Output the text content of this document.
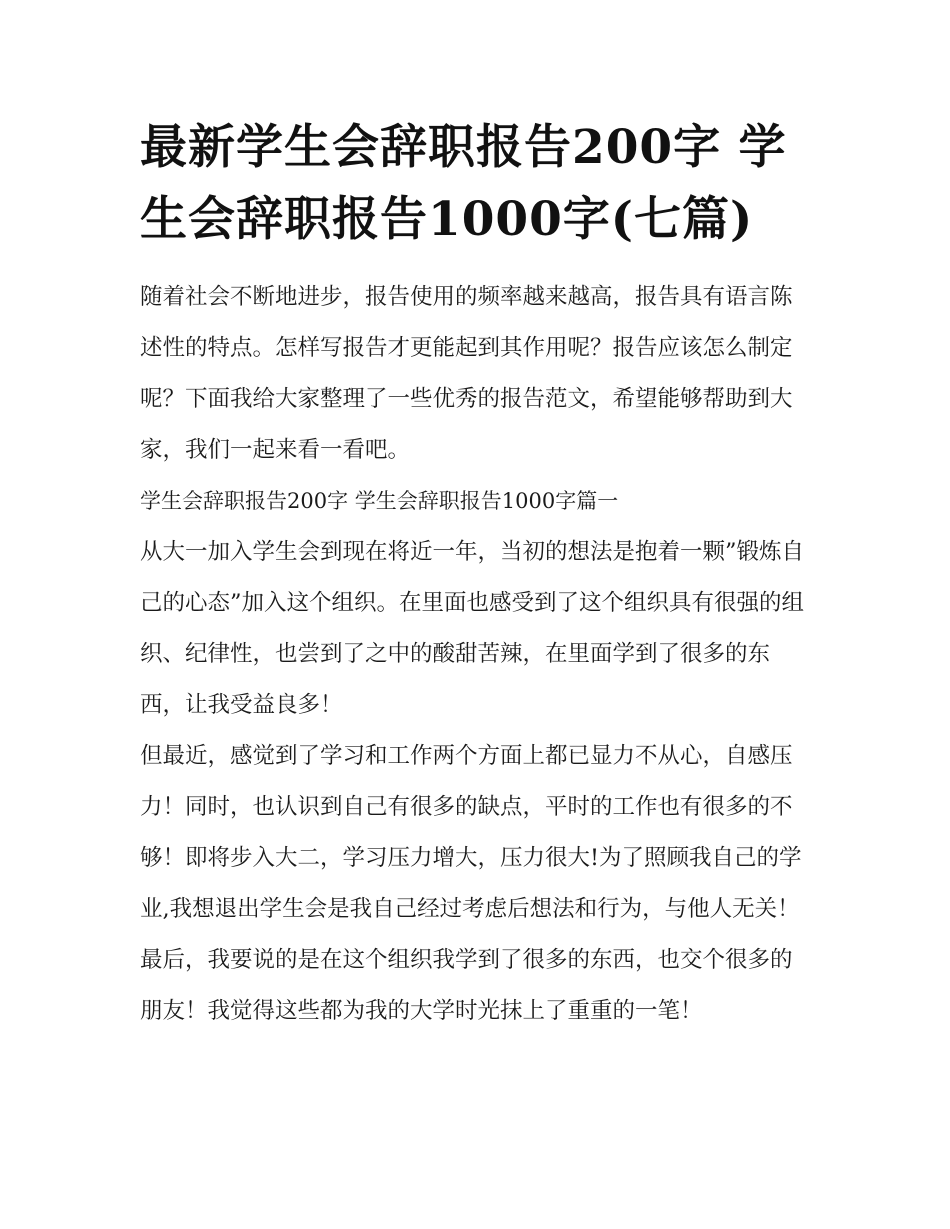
最新学生会辞职报告200字 学生会辞职报告1000字(七篇)

随着社会不断地进步，报告使用的频率越来越高，报告具有语言陈述性的特点。怎样写报告才更能起到其作用呢？报告应该怎么制定呢？下面我给大家整理了一些优秀的报告范文，希望能够帮助到大家，我们一起来看一看吧。

学生会辞职报告200字 学生会辞职报告1000字篇一

从大一加入学生会到现在将近一年，当初的想法是抱着一颗”锻炼自己的心态”加入这个组织。在里面也感受到了这个组织具有很强的组织、纪律性，也尝到了之中的酸甜苦辣，在里面学到了很多的东西，让我受益良多！

但最近，感觉到了学习和工作两个方面上都已显力不从心，自感压力！同时，也认识到自己有很多的缺点，平时的工作也有很多的不够！即将步入大二，学习压力增大，压力很大!为了照顾我自己的学业,我想退出学生会是我自己经过考虑后想法和行为，与他人无关！

最后，我要说的是在这个组织我学到了很多的东西，也交个很多的朋友！我觉得这些都为我的大学时光抹上了重重的一笔！
